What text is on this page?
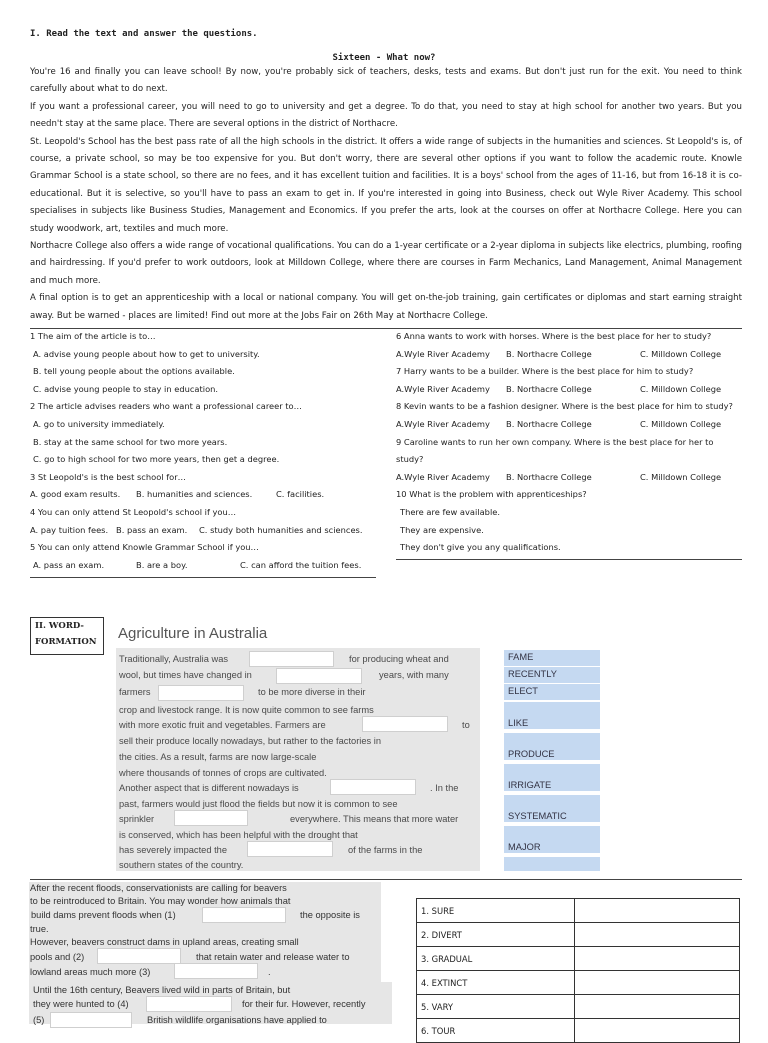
I. Read the text and answer the questions.
Sixteen - What now?

You're 16 and finally you can leave school! By now, you're probably sick of teachers, desks, tests and exams. But don't just run for the exit. You need to think carefully about what to do next.

If you want a professional career, you will need to go to university and get a degree. To do that, you need to stay at high school for another two years. But you needn't stay at the same place. There are several options in the district of Northacre.

St. Leopold's School has the best pass rate of all the high schools in the district. It offers a wide range of subjects in the humanities and sciences. St Leopold's is, of course, a private school, so may be too expensive for you. But don't worry, there are several other options if you want to follow the academic route. Knowle Grammar School is a state school, so there are no fees, and it has excellent tuition and facilities. It is a boys' school from the ages of 11-16, but from 16-18 it is co-educational. But it is selective, so you'll have to pass an exam to get in. If you're interested in going into Business, check out Wyle River Academy. This school specialises in subjects like Business Studies, Management and Economics. If you prefer the arts, look at the courses on offer at Northacre College. Here you can study woodwork, art, textiles and much more.

Northacre College also offers a wide range of vocational qualifications. You can do a 1-year certificate or a 2-year diploma in subjects like electrics, plumbing, roofing and hairdressing. If you'd prefer to work outdoors, look at Milldown College, where there are courses in Farm Mechanics, Land Management, Animal Management and much more.

A final option is to get an apprenticeship with a local or national company. You will get on-the-job training, gain certificates or diplomas and start earning straight away. But be warned - places are limited! Find out more at the Jobs Fair on 26th May at Northacre College.

1 The aim of the article is to…
A. advise young people about how to get to university.
B. tell young people about the options available.
C. advise young people to stay in education.
2 The article advises readers who want a professional career to…
A. go to university immediately.
B. stay at the same school for two more years.
C. go to high school for two more years, then get a degree.
3 St Leopold's is the best school for…
A. good exam results. B. humanities and sciences.	C. facilities.
4 You can only attend St Leopold's school if you…
A. pay tuition fees. B. pass an exam. C. study both humanities and sciences.
5 You can only attend Knowle Grammar School if you…
A. pass an exam.	B. are a boy.	C. can afford the tuition fees.
6 Anna wants to work with horses. Where is the best place for her to study?
A.Wyle River Academy B. Northacre College	C. Milldown College
7 Harry wants to be a builder. Where is the best place for him to study?
A.Wyle River Academy B. Northacre College	C. Milldown College
8 Kevin wants to be a fashion designer. Where is the best place for him to study?
A.Wyle River Academy B. Northacre College	C. Milldown College
9 Caroline wants to run her own company. Where is the best place for her to
study?
A.Wyle River Academy B. Northacre College	C. Milldown College
10 What is the problem with apprenticeships?
There are few available.
They are expensive.
They don't give you any qualifications.
II. WORD-
FORMATION	Agriculture in Australia
Traditionally, Australia was	for producing wheat and
wool, but times have changed in	years, with many
farmers	to be more diverse in their
crop and livestock range. It is now quite common to see farms
with more exotic fruit and vegetables. Farmers are	to
sell their produce locally nowadays, but rather to the factories in
the cities. As a result, farms are now large-scale
where thousands of tonnes of crops are cultivated.
Another aspect that is different nowadays is	. In the
past, farmers would just flood the fields but now it is common to see
sprinkler	everywhere. This means that more water
is conserved, which has been helpful with the drought that
has severely impacted the	of the farms in the
southern states of the country.
FAME
RECENTLY
ELECT
LIKE
PRODUCE
IRRIGATE
SYSTEMATIC
MAJOR
After the recent floods, conservationists are calling for beavers
to be reintroduced to Britain. You may wonder how animals that
build dams prevent floods when (1)	the opposite is
true.
However, beavers construct dams in upland areas, creating small
pools and (2)	that retain water and release water to
lowland areas much more (3)	.
Until the 16th century, Beavers lived wild in parts of Britain, but
they were hunted to (4)	for their fur. However, recently
(5)	British wildlife organisations have applied to
1. SURE	
2. DIVERT	
3. GRADUAL	
4. EXTINCT	
5. VARY	
6. TOUR	
